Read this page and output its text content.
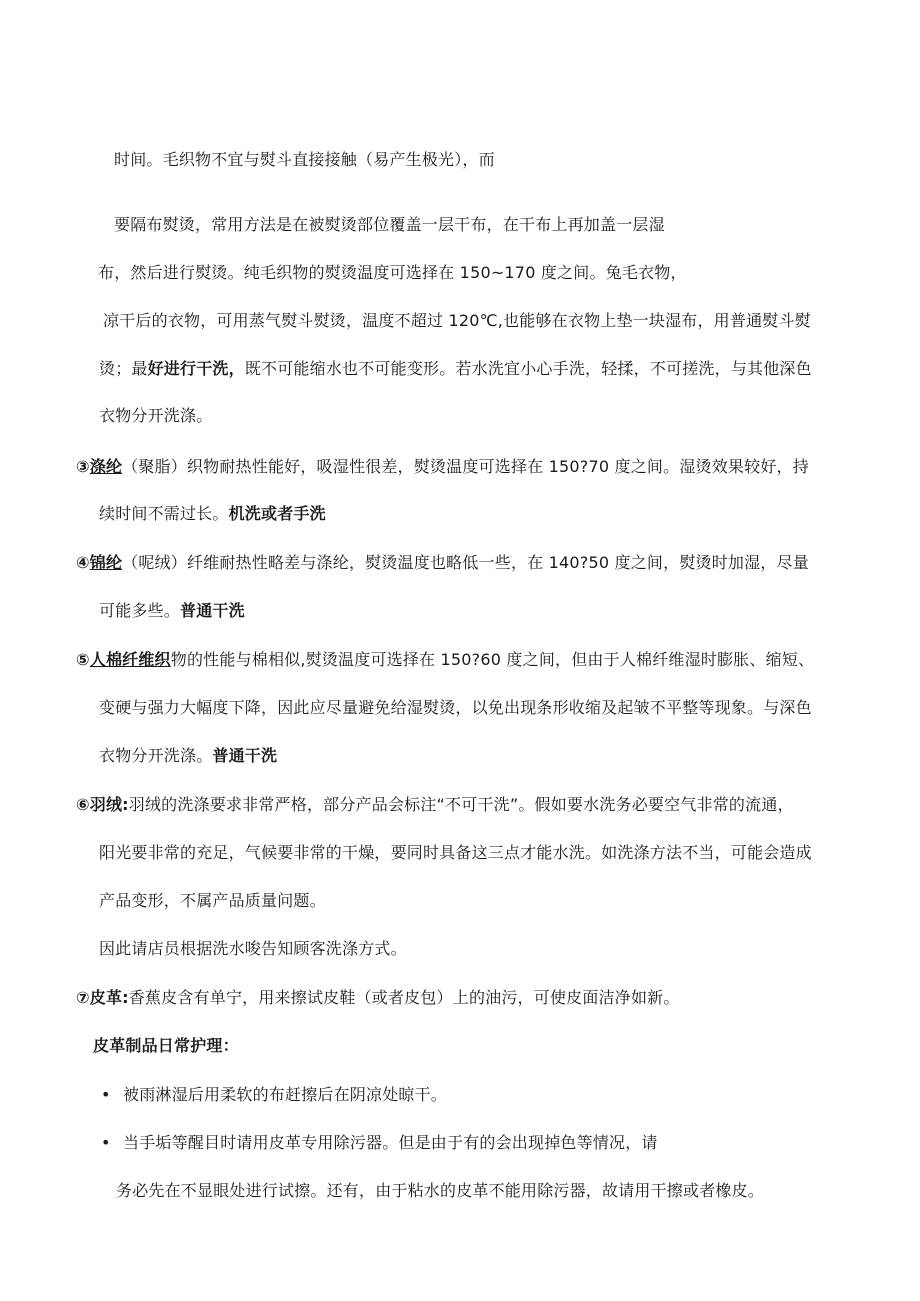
时间。毛织物不宜与熨斗直接接触（易产生极光），而
要隔布熨烫，常用方法是在被熨烫部位覆盖一层干布，在干布上再加盖一层湿
布，然后进行熨烫。纯毛织物的熨烫温度可选择在 150~170 度之间。兔毛衣物，
凉干后的衣物，可用蒸气熨斗熨烫，温度不超过 120℃,也能够在衣物上垫一块湿布，用普通熨斗熨
烫；最好进行干洗，既不可能缩水也不可能变形。若水洗宜小心手洗，轻揉，不可搓洗，与其他深色
衣物分开洗涤。
③涤纶（聚脂）织物耐热性能好，吸湿性很差，熨烫温度可选择在 150?70 度之间。湿烫效果较好，持
续时间不需过长。机洗或者手洗
④锦纶（呢绒）纤维耐热性略差与涤纶，熨烫温度也略低一些，在 140?50 度之间，熨烫时加湿，尽量
可能多些。普通干洗
⑤人棉纤维织物的性能与棉相似,熨烫温度可选择在 150?60 度之间，但由于人棉纤维湿时膨胀、缩短、
变硬与强力大幅度下降，因此应尽量避免给湿熨烫，以免出现条形收缩及起皱不平整等现象。与深色
衣物分开洗涤。普通干洗
⑥羽绒:羽绒的洗涤要求非常严格，部分产品会标注“不可干洗”。假如要水洗务必要空气非常的流通，
阳光要非常的充足，气候要非常的干燥，要同时具备这三点才能水洗。如洗涤方法不当，可能会造成
产品变形，不属产品质量问题。
因此请店员根据洗水唆告知顾客洗涤方式。
⑦皮革:香蕉皮含有单宁，用来擦试皮鞋（或者皮包）上的油污，可使皮面洁净如新。
皮革制品日常护理：
• 被雨淋湿后用柔软的布赶擦后在阴凉处晾干。
• 当手垢等醒目时请用皮革专用除污器。但是由于有的会出现掉色等情况，请
务必先在不显眼处进行试擦。还有，由于粘水的皮革不能用除污器，故请用干擦或者橡皮。
